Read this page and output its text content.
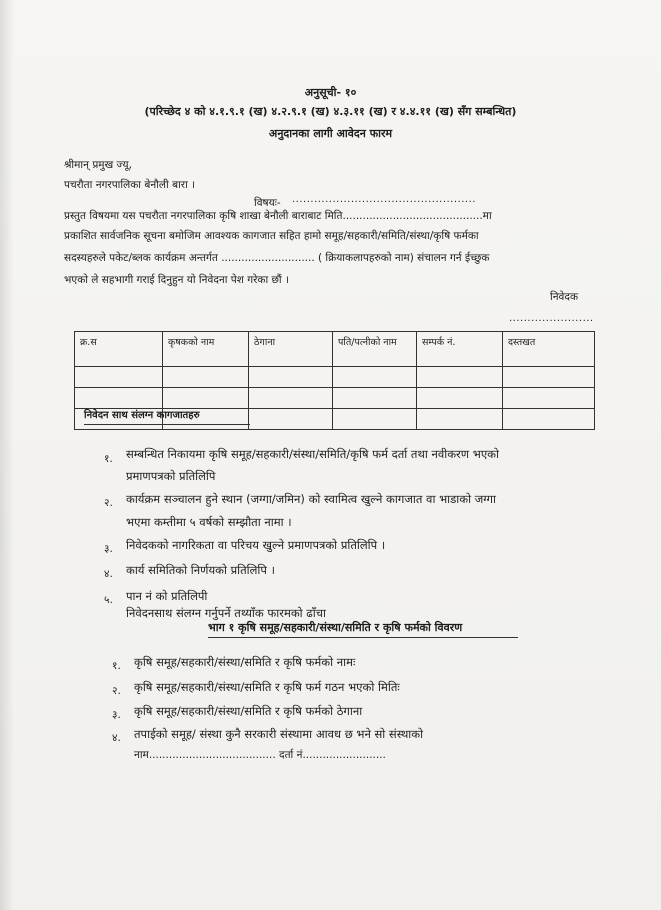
अनुसूची- १०
(परिच्छेद ४ को ४.१.९.१ (ख) ४.२.९.१ (ख) ४.३.११ (ख) र ४.४.११ (ख) सँग सम्बन्धित)
अनुदानका लागी आवेदन फारम
श्रीमान् प्रमुख ज्यू,
पचरौता नगरपालिका बेनौली बारा ।
विषयः- ..................................................
प्रस्तुत विषयमा यस पचरौता नगरपालिका कृषि शाखा बेनौली बाराबाट मिति..........................................मा
प्रकाशित सार्वजनिक सूचना बमोजिम आवश्यक कागजात सहित हामो समूह/सहकारी/समिति/संस्था/कृषि फर्मका
सदस्यहरुले पकेट/ब्लक कार्यक्रम अन्तर्गत ............................ ( क्रियाकलापहरुको नाम) संचालन गर्न ईच्छुक
भएको ले सहभागी गराई दिनुहुन यो निवेदना पेश गरेका छौं ।
निवेदक
.......................
क्र.स	कृषकको नाम	ठेगाना	पति/पत्नीको नाम	सम्पर्क नं.	दस्तखत

निवेदन साथ संलग्न कागजातहरु
१. सम्बन्धित निकायमा कृषि समूह/सहकारी/संस्था/समिति/कृषि फर्म दर्ता तथा नवीकरण भएको
प्रमाणपत्रको प्रतिलिपि
२. कार्यक्रम सञ्चालन हुने स्थान (जग्गा/जमिन) को स्वामित्व खुल्ने कागजात वा भाडाको जग्गा
भएमा कम्तीमा ५ वर्षको सम्झौता नामा ।
३. निवेदकको नागरिकता वा परिचय खुल्ने प्रमाणपत्रको प्रतिलिपि ।
४. कार्य समितिको निर्णयको प्रतिलिपि ।
५. पान नं को प्रतिलिपी
निवेदनसाथ संलग्न गर्नुपर्ने तथ्याँक फारमको ढाँचा
भाग १ कृषि समूह/सहकारी/संस्था/समिति र कृषि फर्मको विवरण
१. कृषि समूह/सहकारी/संस्था/समिति र कृषि फर्मको नामः
२. कृषि समूह/सहकारी/संस्था/समिति र कृषि फर्म गठन भएको मितिः
३. कृषि समूह/सहकारी/संस्था/समिति र कृषि फर्मको ठेगाना
४. तपाईको समूह/ संस्था कुनै सरकारी संस्थामा आवध छ भने सो संस्थाको
नाम...................................... दर्ता नं.........................
